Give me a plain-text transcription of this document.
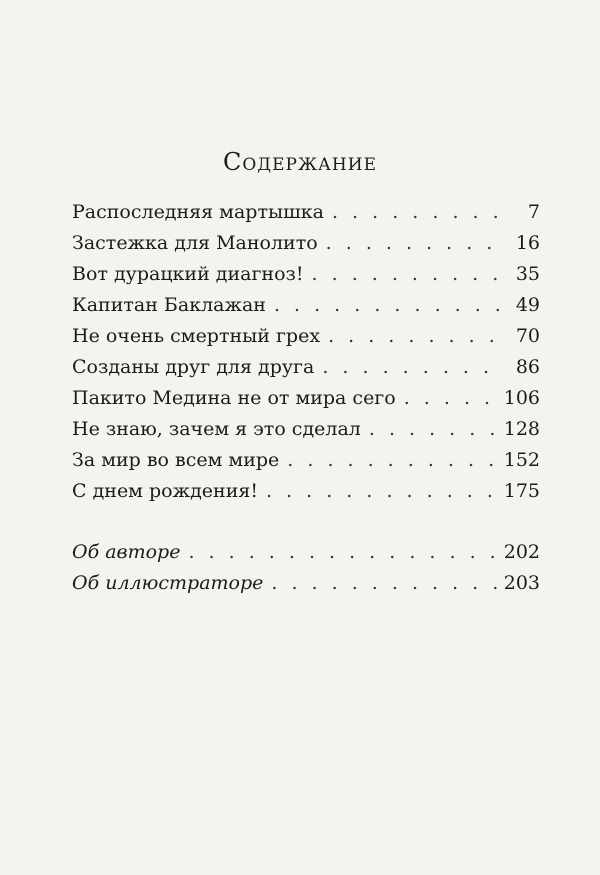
Содержание
Распоследняя мартышка . . .	7
Застежка для Манолито . . .	16
Вот дурацкий диагноз! . . .	35
Капитан Баклажан . . .	49
Не очень смертный грех . . .	70
Созданы друг для друга . . .	86
Пакито Медина не от мира сего . . .	106
Не знаю, зачем я это сделал . . .	128
За мир во всем мире . . .	152
С днем рождения! . . .	175
Об авторе . . .	202
Об иллюстраторе . . .	203
